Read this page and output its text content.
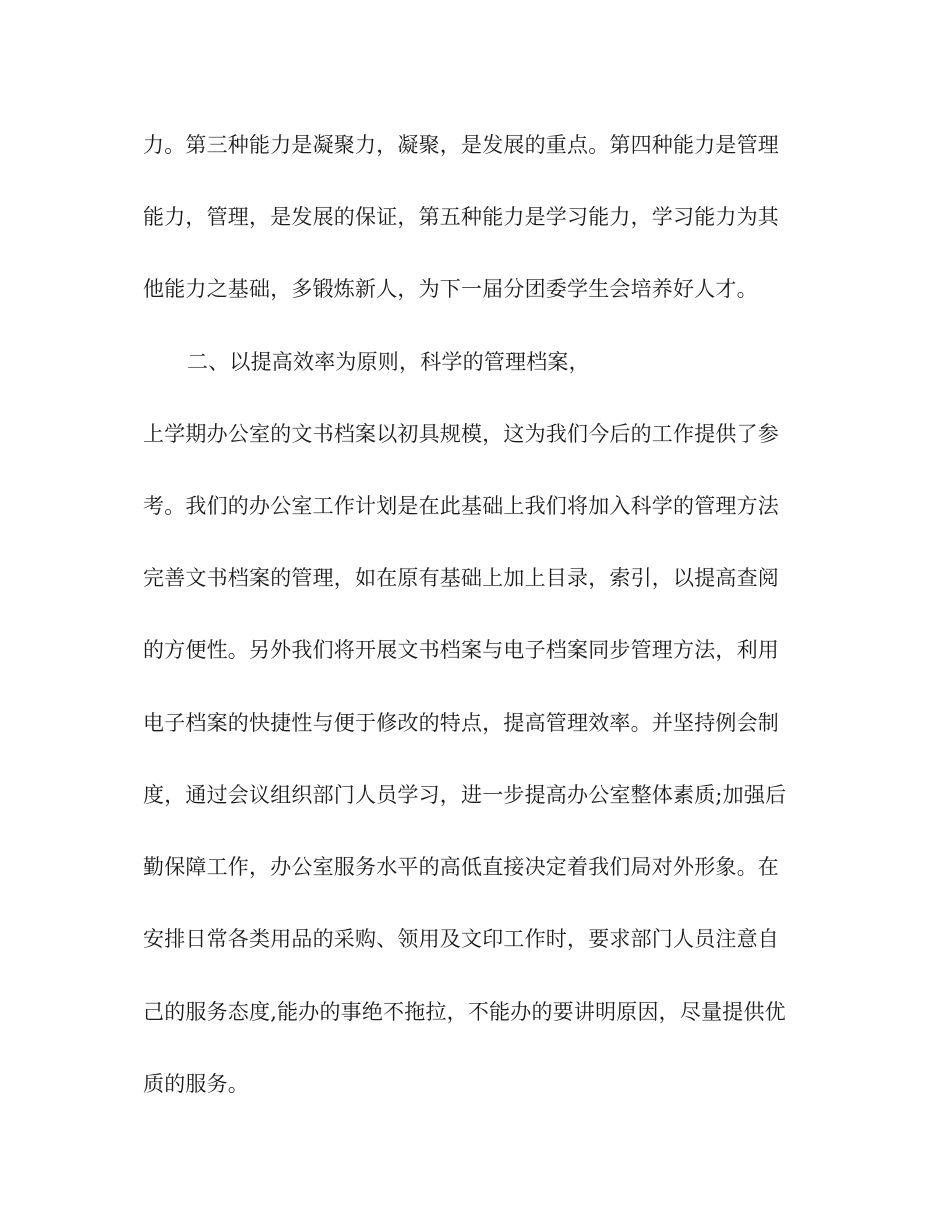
力。第三种能力是凝聚力，凝聚，是发展的重点。第四种能力是管理

能力，管理，是发展的保证，第五种能力是学习能力，学习能力为其

他能力之基础，多锻炼新人，为下一届分团委学生会培养好人才。

二、以提高效率为原则，科学的管理档案，

上学期办公室的文书档案以初具规模，这为我们今后的工作提供了参

考。我们的办公室工作计划是在此基础上我们将加入科学的管理方法

完善文书档案的管理，如在原有基础上加上目录，索引，以提高查阅

的方便性。另外我们将开展文书档案与电子档案同步管理方法，利用

电子档案的快捷性与便于修改的特点，提高管理效率。并坚持例会制

度，通过会议组织部门人员学习，进一步提高办公室整体素质;加强后

勤保障工作，办公室服务水平的高低直接决定着我们局对外形象。在

安排日常各类用品的采购、领用及文印工作时，要求部门人员注意自

己的服务态度,能办的事绝不拖拉，不能办的要讲明原因，尽量提供优

质的服务。
